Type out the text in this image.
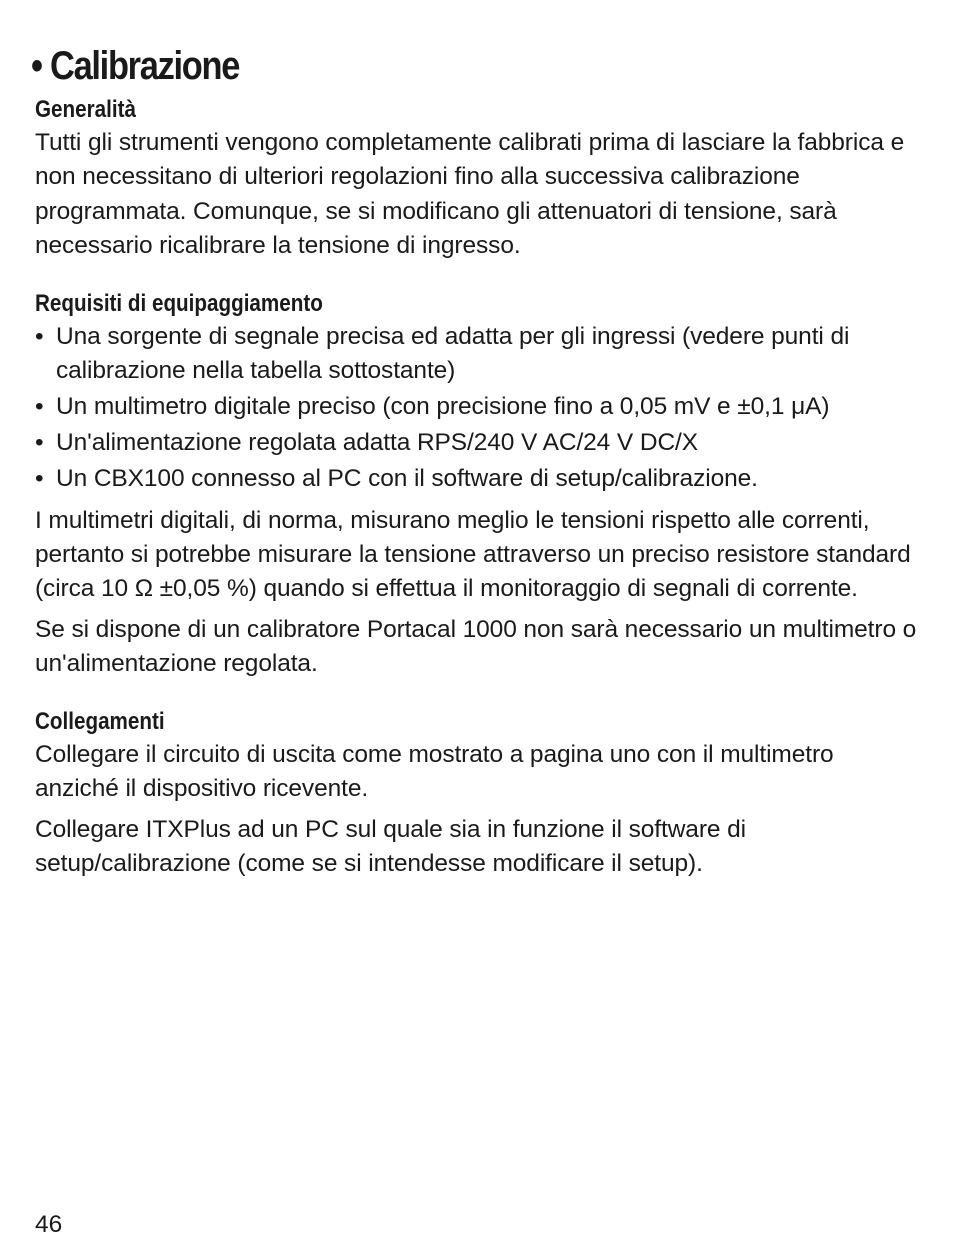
• Calibrazione
Generalità

Tutti gli strumenti vengono completamente calibrati prima di lasciare la fabbrica e non necessitano di ulteriori regolazioni fino alla successiva calibrazione programmata. Comunque, se si modificano gli attenuatori di tensione, sarà necessario ricalibrare la tensione di ingresso.

Requisiti di equipaggiamento
• Una sorgente di segnale precisa ed adatta per gli ingressi (vedere punti di calibrazione nella tabella sottostante)
• Un multimetro digitale preciso (con precisione fino a 0,05 mV e ±0,1 μA)
• Un'alimentazione regolata adatta RPS/240 V AC/24 V DC/X
• Un CBX100 connesso al PC con il software di setup/calibrazione.

I multimetri digitali, di norma, misurano meglio le tensioni rispetto alle correnti, pertanto si potrebbe misurare la tensione attraverso un preciso resistore standard (circa 10 Ω ±0,05 %) quando si effettua il monitoraggio di segnali di corrente.

Se si dispone di un calibratore Portacal 1000 non sarà necessario un multimetro o un'alimentazione regolata.

Collegamenti

Collegare il circuito di uscita come mostrato a pagina uno con il multimetro anziché il dispositivo ricevente.

Collegare ITXPlus ad un PC sul quale sia in funzione il software di setup/calibrazione (come se si intendesse modificare il setup).

46
